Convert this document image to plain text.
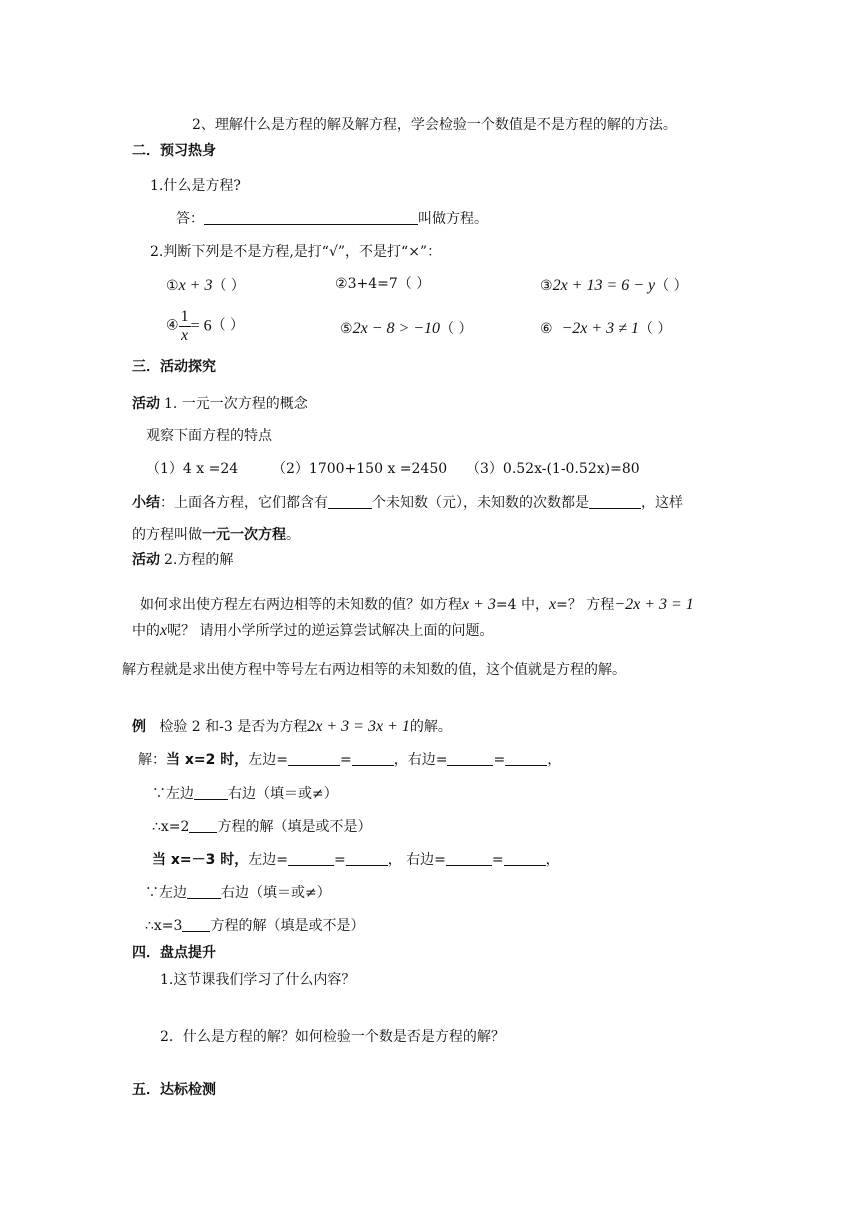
2、理解什么是方程的解及解方程，学会检验一个数值是不是方程的解的方法。
二．预习热身
1.什么是方程?
答：	叫做方程。
2.判断下列是不是方程,是打“√”，不是打“×”：
①x + 3（ ）	②3+4=7（ ）	③2x + 13 = 6 − y（ ）
④ $\frac{1}{x} = 6$（ ）	⑤2x − 8 > −10（ ）	⑥ −2x + 3 ≠ 1（ ）
三．活动探究
活动 1. 一元一次方程的概念
观察下面方程的特点
（1）4 x =24 （2）1700+150 x =2450 （3）0.52x-(1-0.52x)=80
小结：上面各方程，它们都含有	个未知数（元），未知数的次数都是	，这样
的方程叫做一元一次方程。
活动 2.方程的解
如何求出使方程左右两边相等的未知数的值？如方程x + 3=4 中，x=？ 方程−2x + 3 = 1
中的x呢？ 请用小学所学过的逆运算尝试解决上面的问题。
解方程就是求出使方程中等号左右两边相等的未知数的值，这个值就是方程的解。
例 检验 2 和-3 是否为方程2x + 3 = 3x + 1的解。
解：当 x=2 时，左边=	=	，右边=	=	，
∵左边 右边（填＝或≠）
∴x=2 方程的解（填是或不是）
当 x=－3 时，左边=	=	， 右边=	=	，
∵左边 右边（填＝或≠）
∴x=3 方程的解（填是或不是）
四．盘点提升
1.这节课我们学习了什么内容？
2．什么是方程的解？如何检验一个数是否是方程的解？
五．达标检测
